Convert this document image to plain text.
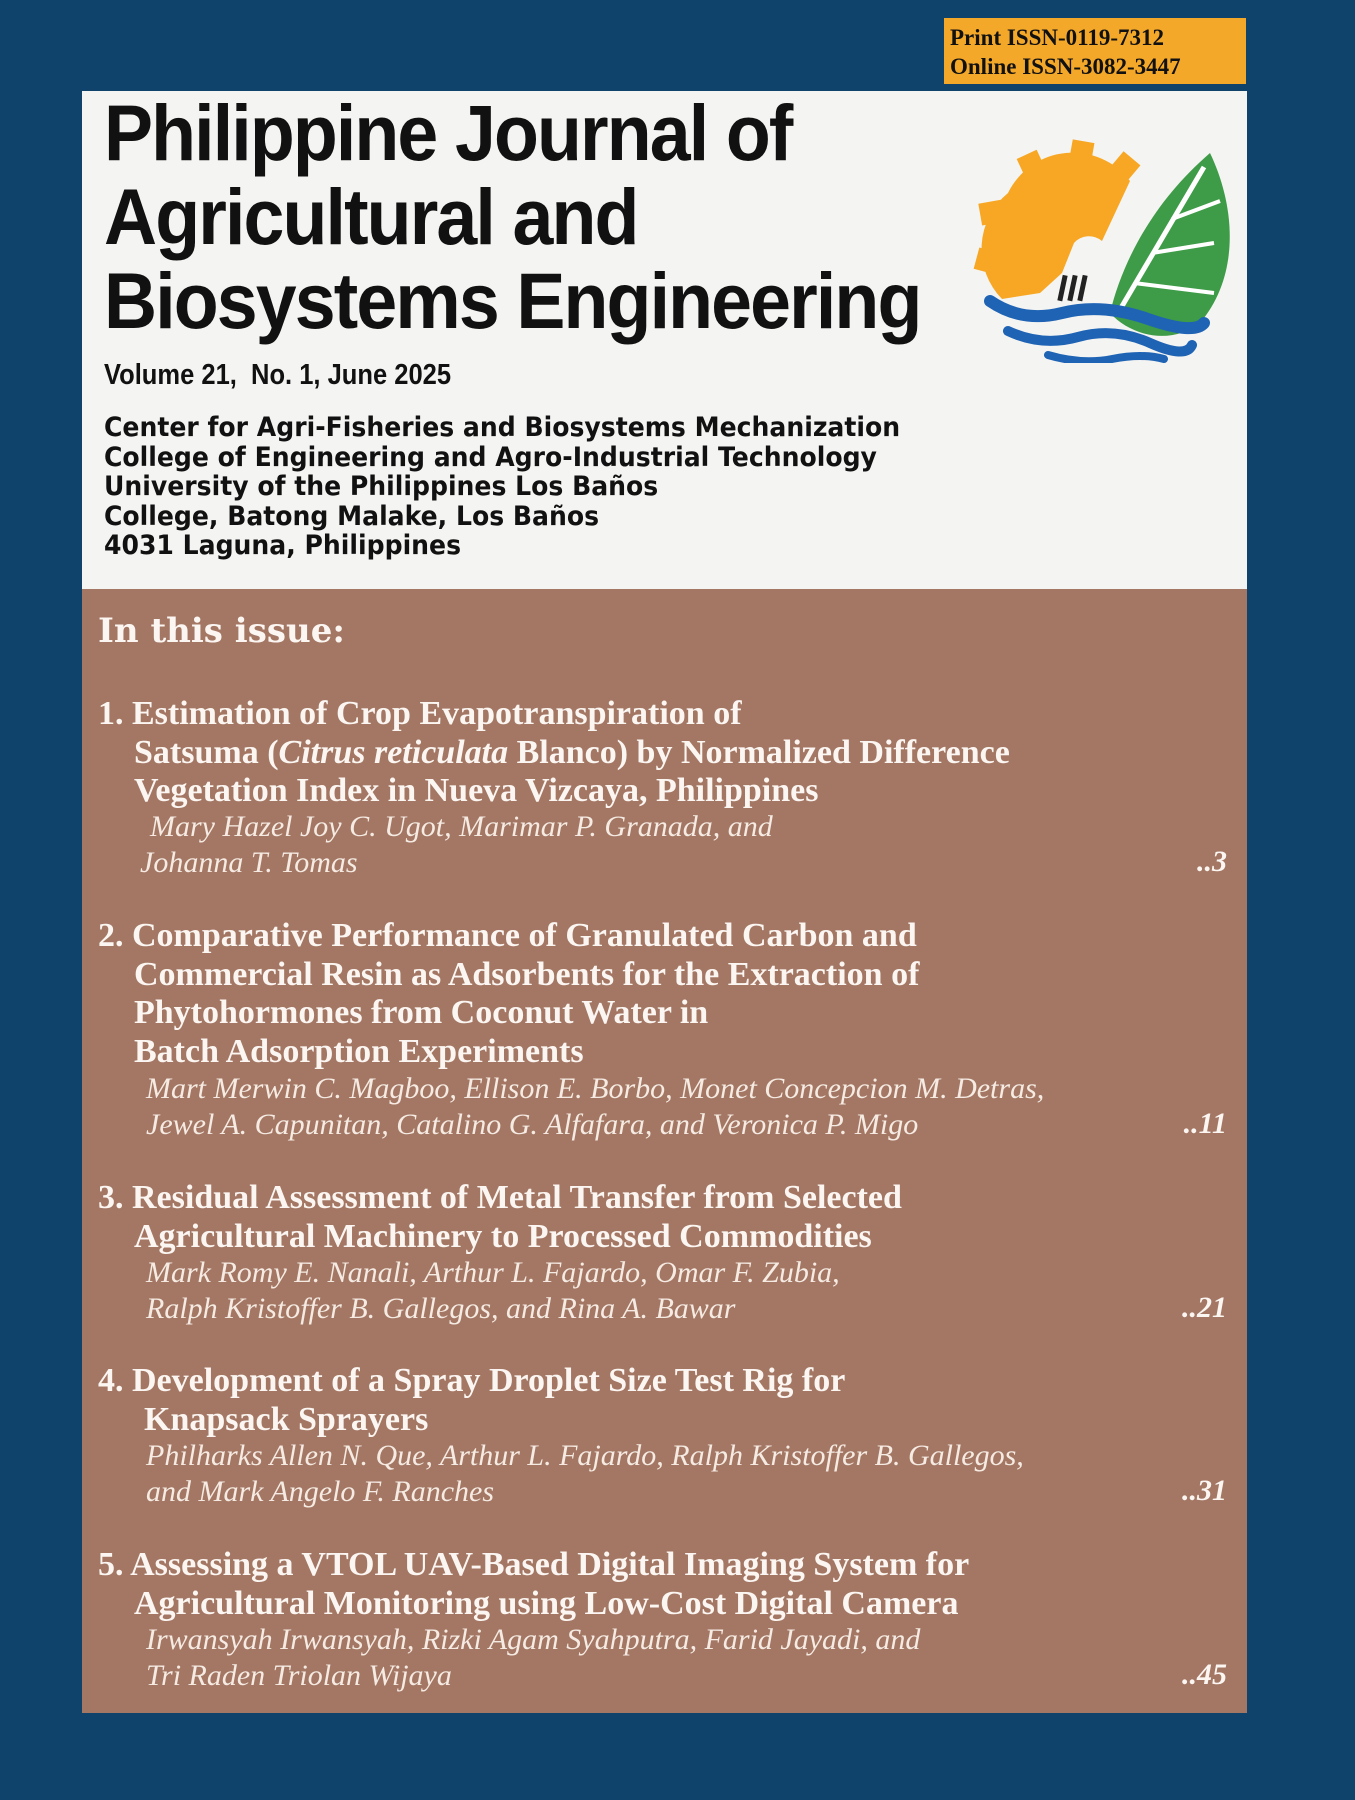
Print ISSN-0119-7312
Online ISSN-3082-3447
Philippine Journal of
Agricultural and
Biosystems Engineering
Volume 21,  No. 1, June 2025
Center for Agri-Fisheries and Biosystems Mechanization
College of Engineering and Agro-Industrial Technology
University of the Philippines Los Baños
College, Batong Malake, Los Baños
4031 Laguna, Philippines
In this issue:
1. Estimation of Crop Evapotranspiration of
Satsuma (Citrus reticulata Blanco) by Normalized Difference
Vegetation Index in Nueva Vizcaya, Philippines
Mary Hazel Joy C. Ugot, Marimar P. Granada, and
Johanna T. Tomas	..3
2. Comparative Performance of Granulated Carbon and
Commercial Resin as Adsorbents for the Extraction of
Phytohormones from Coconut Water in
Batch Adsorption Experiments
Mart Merwin C. Magboo, Ellison E. Borbo, Monet Concepcion M. Detras,
Jewel A. Capunitan, Catalino G. Alfafara, and Veronica P. Migo	..11
3. Residual Assessment of Metal Transfer from Selected
Agricultural Machinery to Processed Commodities
Mark Romy E. Nanali, Arthur L. Fajardo, Omar F. Zubia,
Ralph Kristoffer B. Gallegos, and Rina A. Bawar	..21
4. Development of a Spray Droplet Size Test Rig for
Knapsack Sprayers
Philharks Allen N. Que, Arthur L. Fajardo, Ralph Kristoffer B. Gallegos,
and Mark Angelo F. Ranches	..31
5. Assessing a VTOL UAV-Based Digital Imaging System for
Agricultural Monitoring using Low-Cost Digital Camera
Irwansyah Irwansyah, Rizki Agam Syahputra, Farid Jayadi, and
Tri Raden Triolan Wijaya	..45
